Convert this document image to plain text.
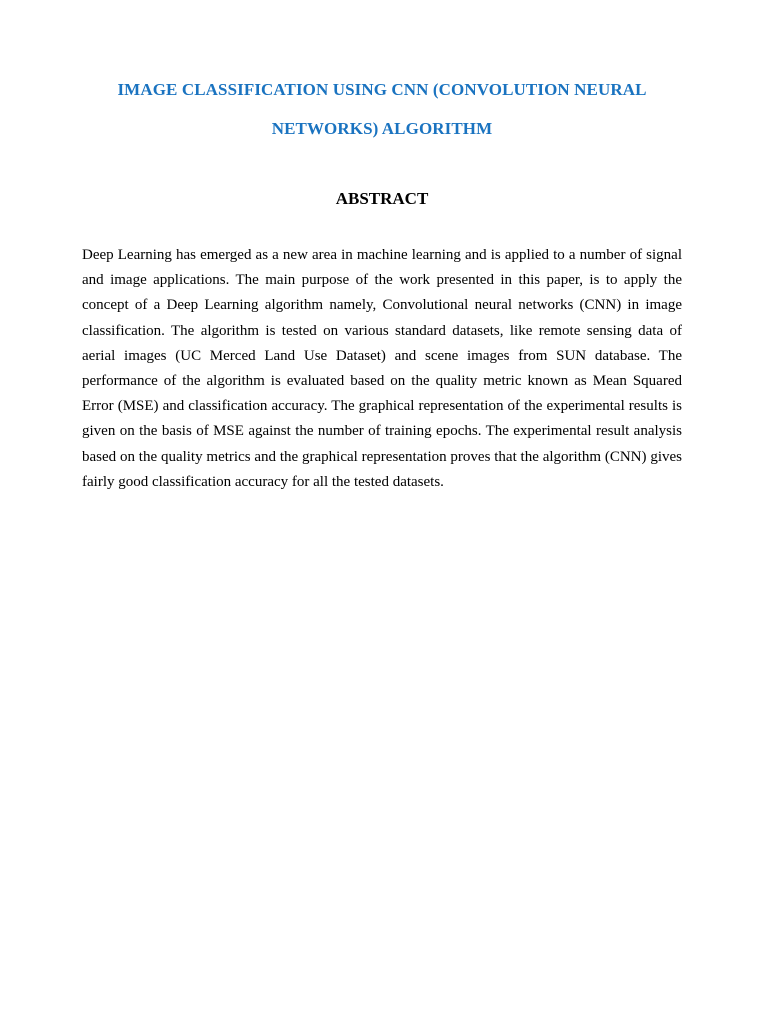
IMAGE CLASSIFICATION USING CNN (CONVOLUTION NEURAL NETWORKS) ALGORITHM
ABSTRACT

Deep Learning has emerged as a new area in machine learning and is applied to a number of signal and image applications. The main purpose of the work presented in this paper, is to apply the concept of a Deep Learning algorithm namely, Convolutional neural networks (CNN) in image classification. The algorithm is tested on various standard datasets, like remote sensing data of aerial images (UC Merced Land Use Dataset) and scene images from SUN database. The performance of the algorithm is evaluated based on the quality metric known as Mean Squared Error (MSE) and classification accuracy. The graphical representation of the experimental results is given on the basis of MSE against the number of training epochs. The experimental result analysis based on the quality metrics and the graphical representation proves that the algorithm (CNN) gives fairly good classification accuracy for all the tested datasets.
